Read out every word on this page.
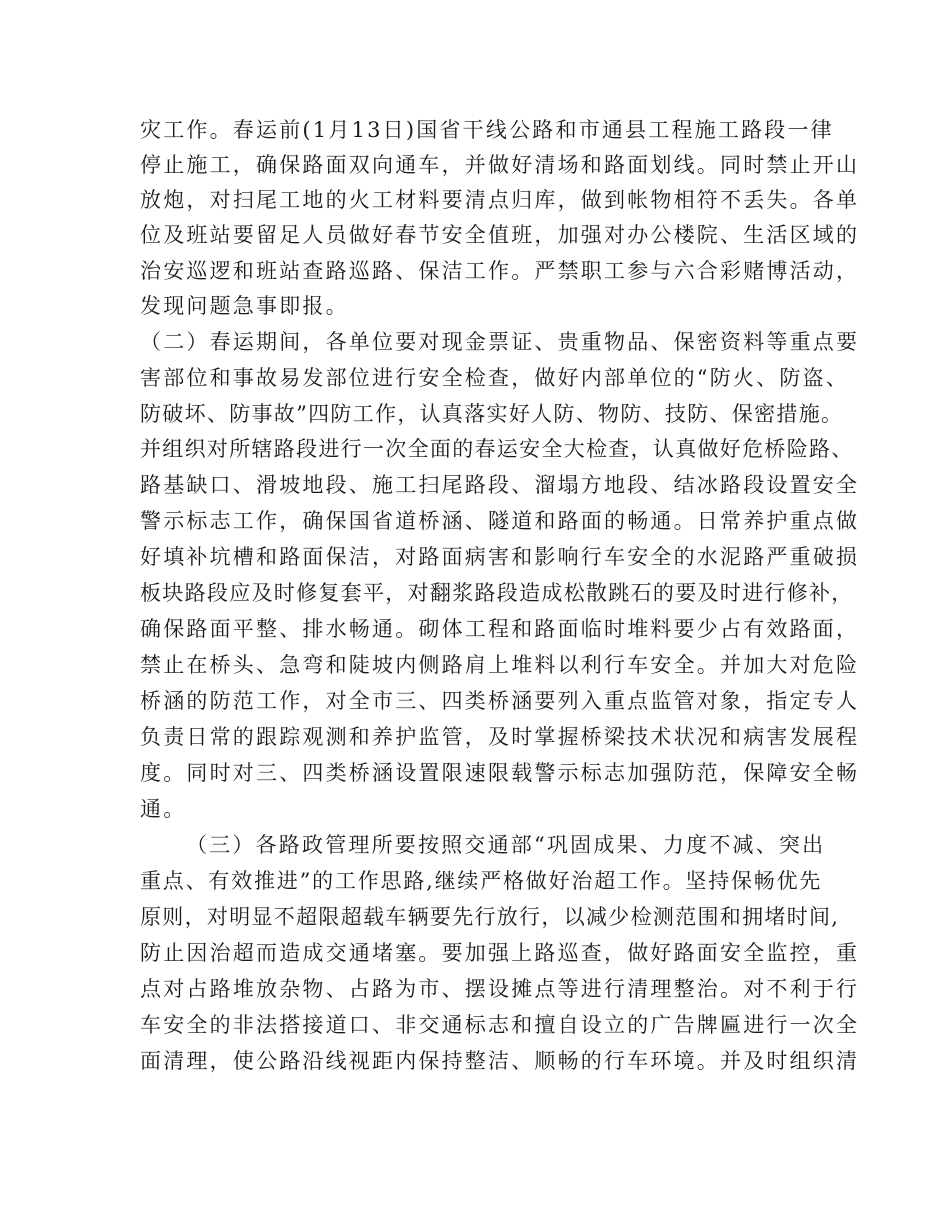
灾工作。春运前(1月13日)国省干线公路和市通县工程施工路段一律

停止施工，确保路面双向通车，并做好清场和路面划线。同时禁止开山

放炮，对扫尾工地的火工材料要清点归库，做到帐物相符不丢失。各单

位及班站要留足人员做好春节安全值班，加强对办公楼院、生活区域的

治安巡逻和班站查路巡路、保洁工作。严禁职工参与六合彩赌博活动，

发现问题急事即报。

（二）春运期间，各单位要对现金票证、贵重物品、保密资料等重点要

害部位和事故易发部位进行安全检查，做好内部单位的“防火、防盗、

防破坏、防事故”四防工作，认真落实好人防、物防、技防、保密措施。

并组织对所辖路段进行一次全面的春运安全大检查，认真做好危桥险路、

路基缺口、滑坡地段、施工扫尾路段、溜塌方地段、结冰路段设置安全

警示标志工作，确保国省道桥涵、隧道和路面的畅通。日常养护重点做

好填补坑槽和路面保洁，对路面病害和影响行车安全的水泥路严重破损

板块路段应及时修复套平，对翻浆路段造成松散跳石的要及时进行修补，

确保路面平整、排水畅通。砌体工程和路面临时堆料要少占有效路面，

禁止在桥头、急弯和陡坡内侧路肩上堆料以利行车安全。并加大对危险

桥涵的防范工作，对全市三、四类桥涵要列入重点监管对象，指定专人

负责日常的跟踪观测和养护监管，及时掌握桥梁技术状况和病害发展程

度。同时对三、四类桥涵设置限速限载警示标志加强防范，保障安全畅

通。

（三）各路政管理所要按照交通部“巩固成果、力度不减、突出

重点、有效推进”的工作思路,继续严格做好治超工作。坚持保畅优先

原则，对明显不超限超载车辆要先行放行，以减少检测范围和拥堵时间,

防止因治超而造成交通堵塞。要加强上路巡查，做好路面安全监控，重

点对占路堆放杂物、占路为市、摆设摊点等进行清理整治。对不利于行

车安全的非法搭接道口、非交通标志和擅自设立的广告牌匾进行一次全

面清理，使公路沿线视距内保持整洁、顺畅的行车环境。并及时组织清
